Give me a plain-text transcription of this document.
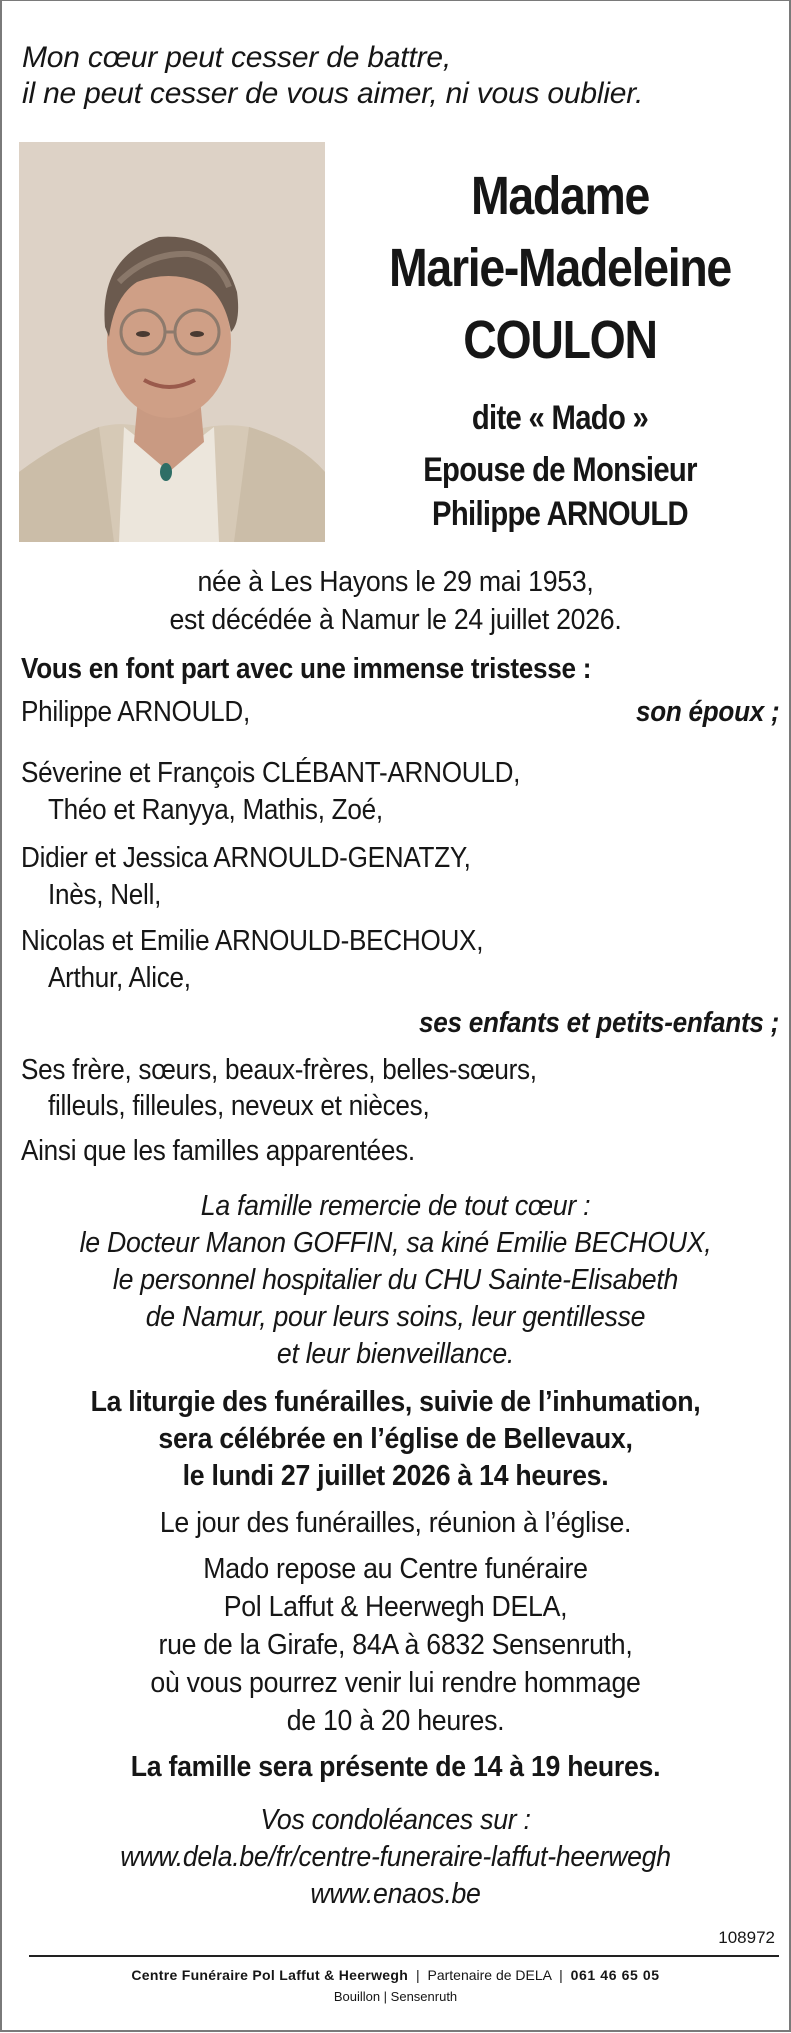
Mon cœur peut cesser de battre,
il ne peut cesser de vous aimer, ni vous oublier.
Madame
Marie-Madeleine
COULON
dite « Mado »
Epouse de Monsieur
Philippe ARNOULD
née à Les Hayons le 29 mai 1953,
est décédée à Namur le 24 juillet 2026.
Vous en font part avec une immense tristesse :
Philippe ARNOULD,	son époux ;
Séverine et François CLÉBANT-ARNOULD,
Théo et Ranyya, Mathis, Zoé,
Didier et Jessica ARNOULD-GENATZY,
Inès, Nell,
Nicolas et Emilie ARNOULD-BECHOUX,
Arthur, Alice,
ses enfants et petits-enfants ;
Ses frère, sœurs, beaux-frères, belles-sœurs,
filleuls, filleules, neveux et nièces,
Ainsi que les familles apparentées.
La famille remercie de tout cœur :
le Docteur Manon GOFFIN, sa kiné Emilie BECHOUX,
le personnel hospitalier du CHU Sainte-Elisabeth
de Namur, pour leurs soins, leur gentillesse
et leur bienveillance.
La liturgie des funérailles, suivie de l’inhumation,
sera célébrée en l’église de Bellevaux,
le lundi 27 juillet 2026 à 14 heures.
Le jour des funérailles, réunion à l’église.
Mado repose au Centre funéraire
Pol Laffut & Heerwegh DELA,
rue de la Girafe, 84A à 6832 Sensenruth,
où vous pourrez venir lui rendre hommage
de 10 à 20 heures.
La famille sera présente de 14 à 19 heures.
Vos condoléances sur :
www.dela.be/fr/centre-funeraire-laffut-heerwegh
www.enaos.be
108972
Centre Funéraire Pol Laffut & Heerwegh | Partenaire de DELA | 061 46 65 05
Bouillon | Sensenruth
